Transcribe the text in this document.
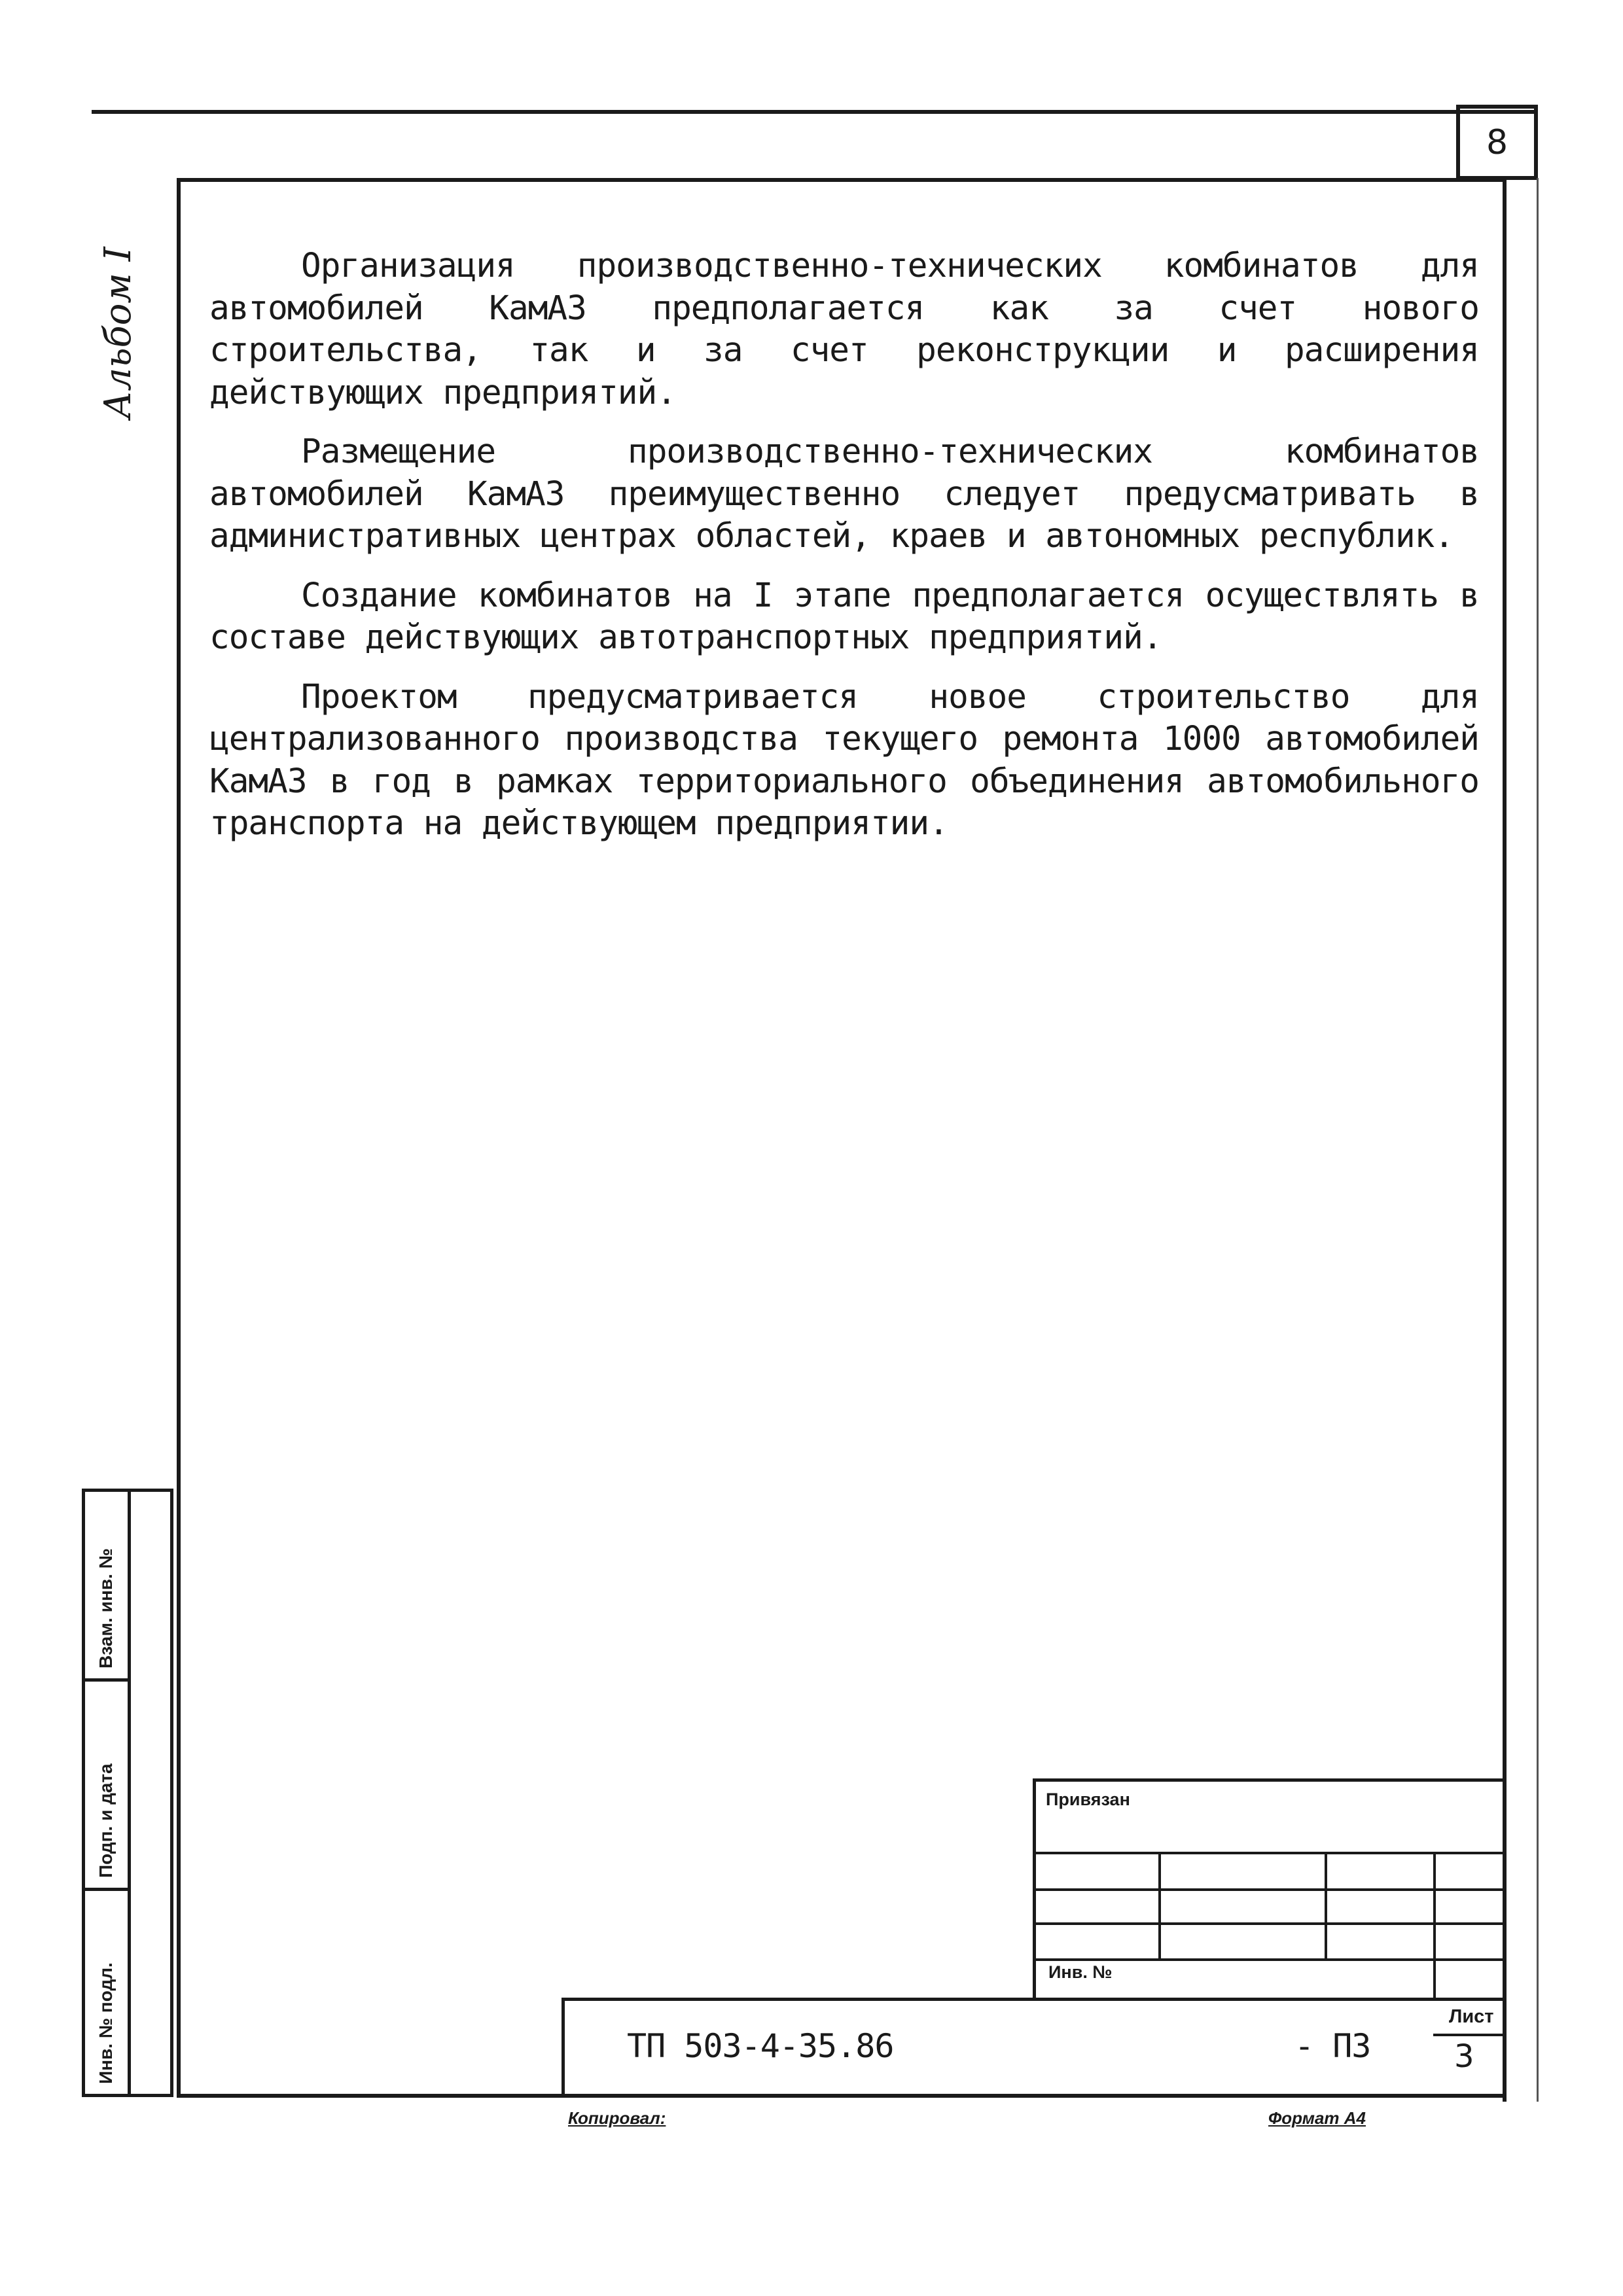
8
Альбом I	Организация производственно-технических комбинатов для автомобилей КамАЗ предполагается как за счет нового строительства, так и за счет реконструкции и расширения действующих предприятий.

Размещение производственно-технических комбинатов автомобилей КамАЗ преимущественно следует предусматривать в административных центрах областей, краев и автономных республик.

Создание комбинатов на I этапе предполагается осуществлять в составе действующих автотранспортных предприятий.

Проектом предусматривается новое строительство для централизованного производства текущего ремонта 1000 автомобилей КамАЗ в год в рамках территориального объединения автомобильного транспорта на действующем предприятии.

Взам. инв. №
Подп. и дата
Инв. № подл.
Привязан
Инв. №
ТП 503-4-35.86	- ПЗ
Лист
3
Копировал:	Формат А4
